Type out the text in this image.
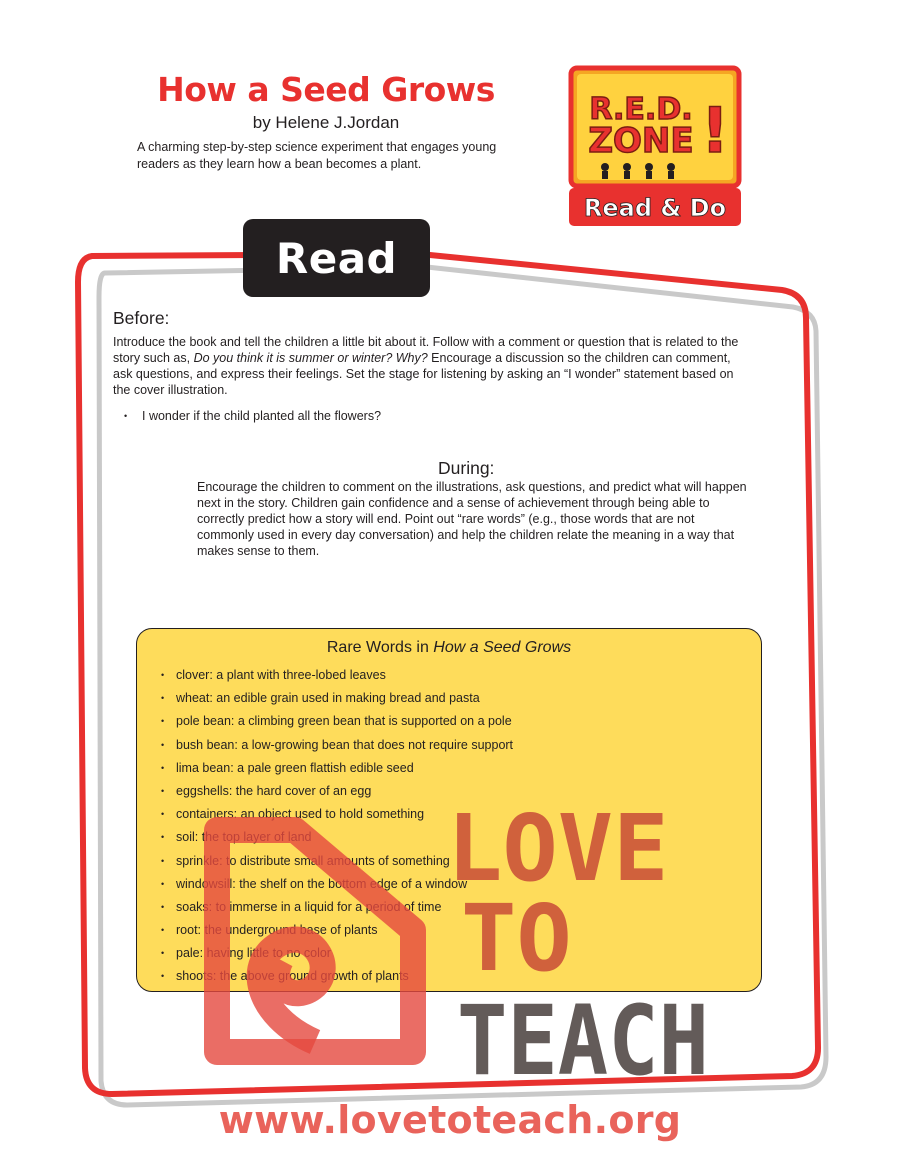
How a Seed Grows
by Helene J.Jordan
A charming step-by-step science experiment that engages young readers as they learn how a bean becomes a plant.
R.E.D.
ZONE !
Read & Do
Read
Before:
Introduce the book and tell the children a little bit about it. Follow with a comment or question that is related to the story such as, Do you think it is summer or winter? Why? Encourage a discussion so the children can comment, ask questions, and express their feelings. Set the stage for listening by asking an “I wonder” statement based on the cover illustration.
• I wonder if the child planted all the flowers?
During:
Encourage the children to comment on the illustrations, ask questions, and predict what will happen next in the story. Children gain confidence and a sense of achievement through being able to correctly predict how a story will end. Point out “rare words” (e.g., those words that are not commonly used in every day conversation) and help the children relate the meaning in a way that makes sense to them.
Rare Words in How a Seed Grows
• clover: a plant with three-lobed leaves
• wheat: an edible grain used in making bread and pasta
• pole bean: a climbing green bean that is supported on a pole
• bush bean: a low-growing bean that does not require support
• lima bean: a pale green flattish edible seed
• eggshells: the hard cover of an egg
• containers: an object used to hold something
• soil: the top layer of land
• sprinkle: to distribute small amounts of something
• windowsill: the shelf on the bottom edge of a window
• soaks: to immerse in a liquid for a period of time
• root: the underground base of plants
• pale: having little to no color
• shoots: the above ground growth of plants
LOVE
TO
TEACH
www.lovetoteach.org
